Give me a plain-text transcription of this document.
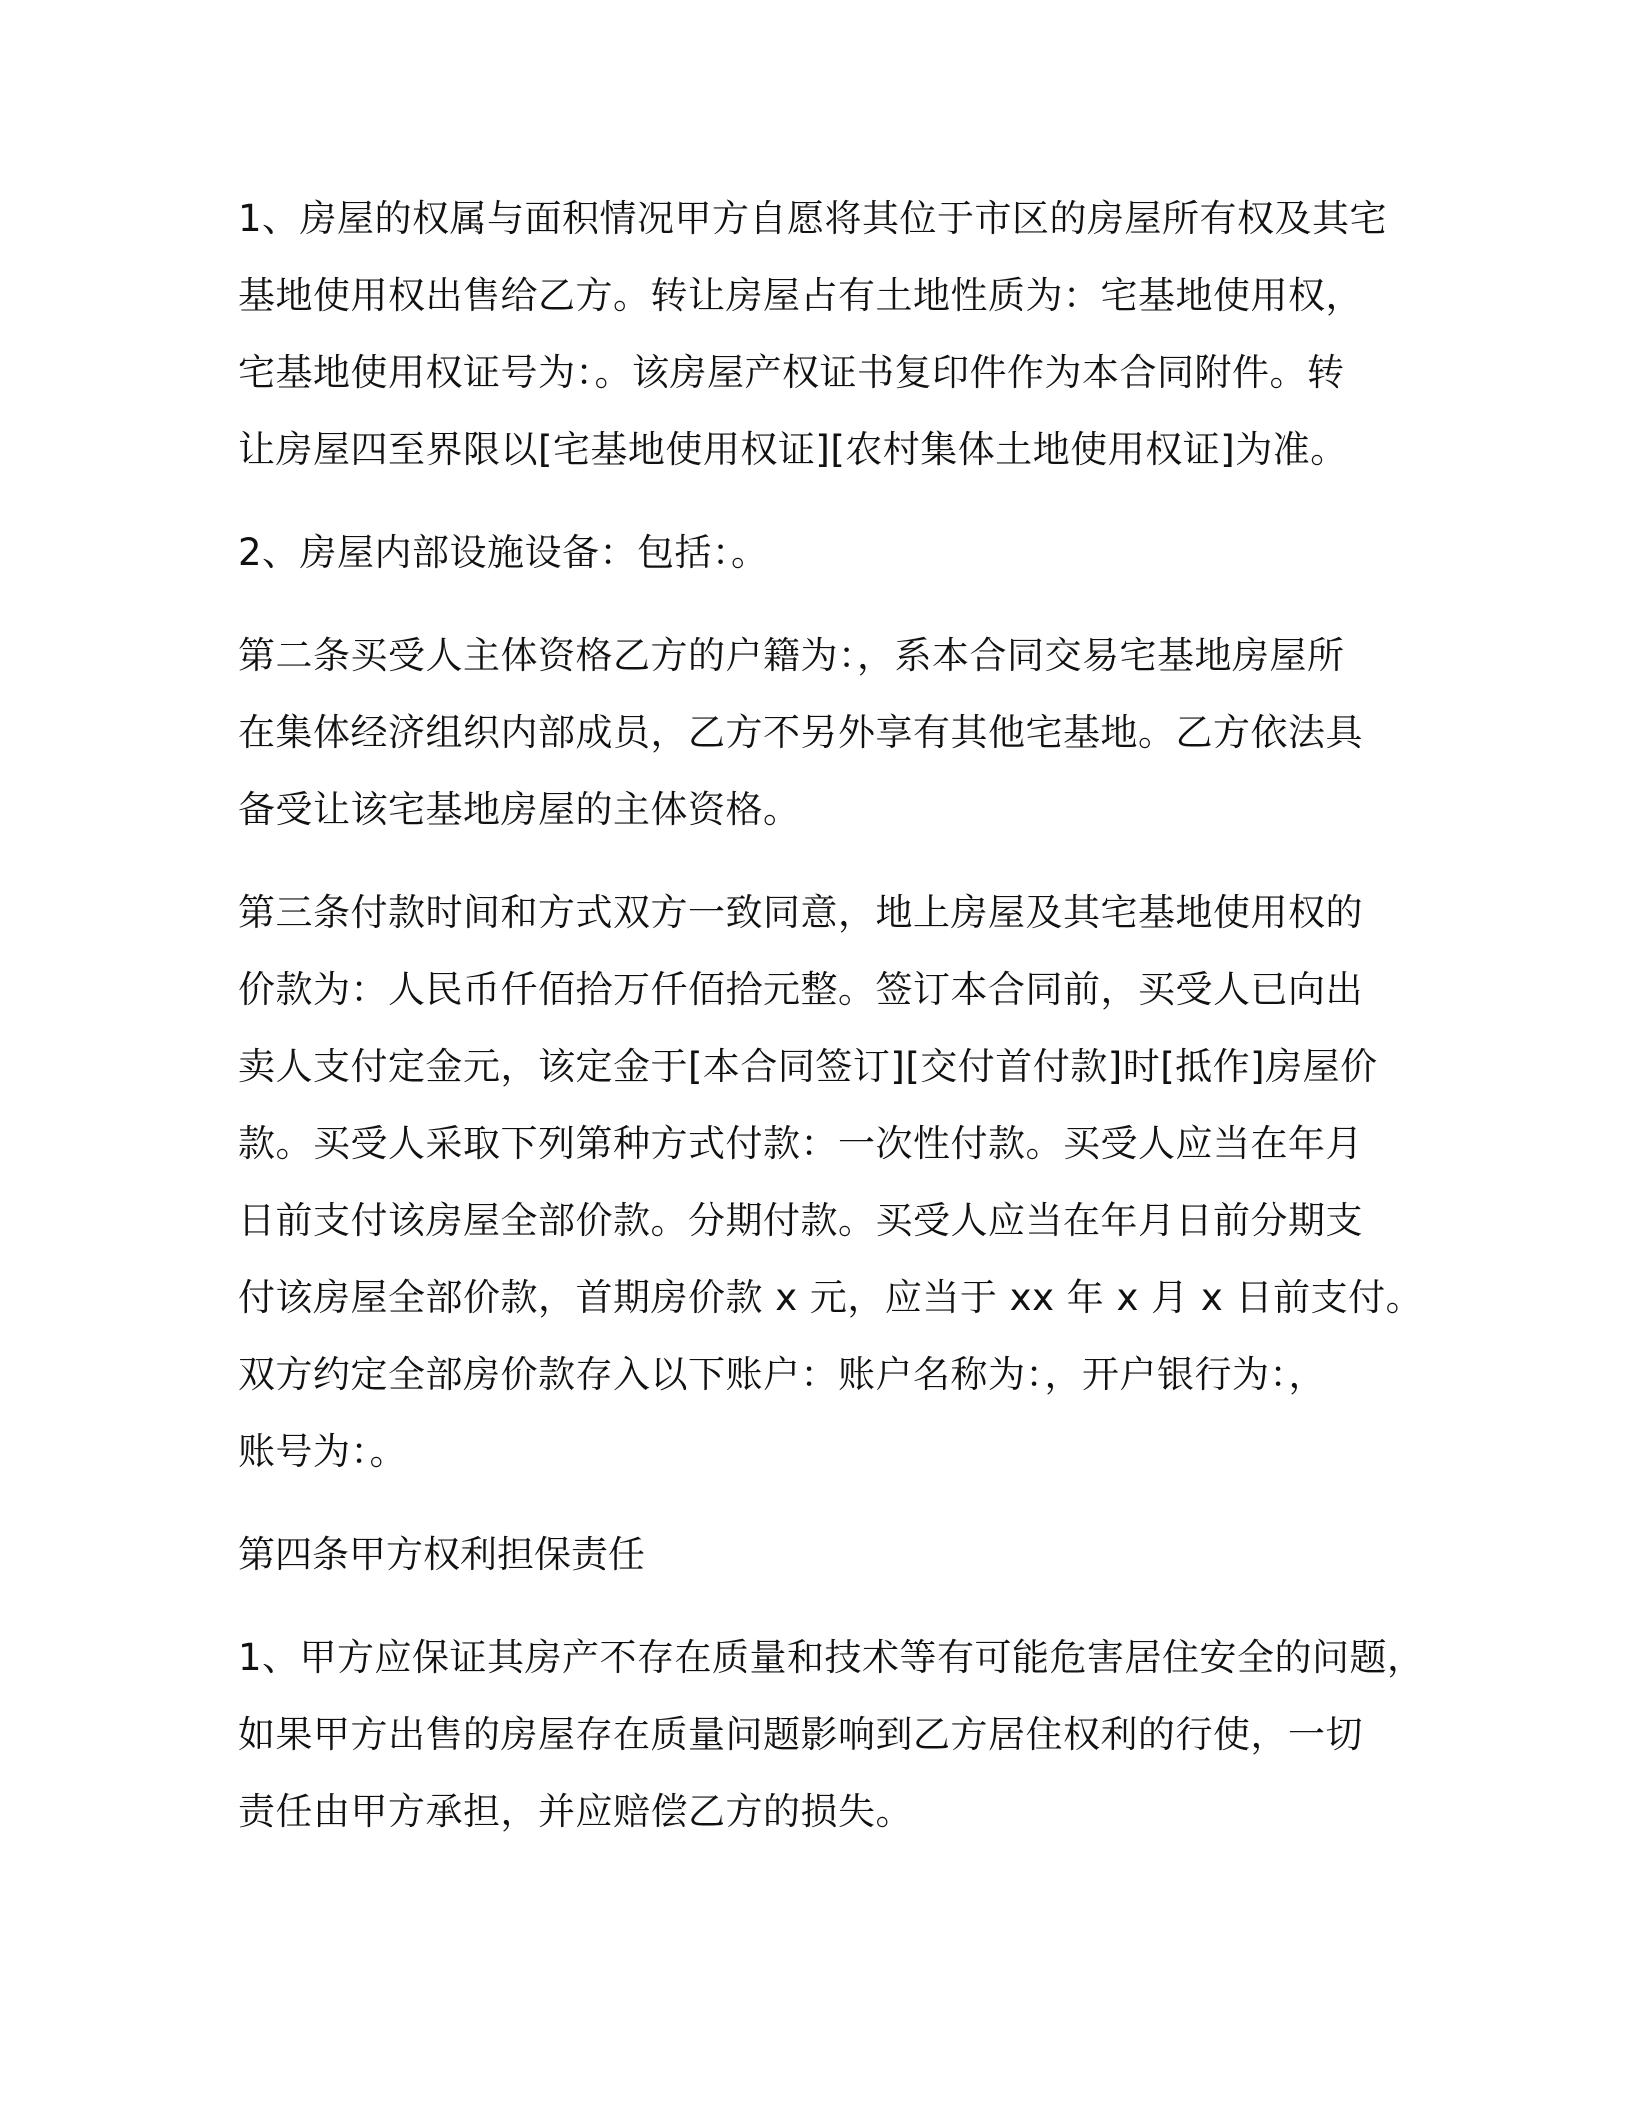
1、房屋的权属与面积情况甲方自愿将其位于市区的房屋所有权及其宅
基地使用权出售给乙方。转让房屋占有土地性质为：宅基地使用权，
宅基地使用权证号为：。该房屋产权证书复印件作为本合同附件。转
让房屋四至界限以[宅基地使用权证][农村集体土地使用权证]为准。

2、房屋内部设施设备：包括：。

第二条买受人主体资格乙方的户籍为：，系本合同交易宅基地房屋所
在集体经济组织内部成员，乙方不另外享有其他宅基地。乙方依法具
备受让该宅基地房屋的主体资格。

第三条付款时间和方式双方一致同意，地上房屋及其宅基地使用权的
价款为：人民币仟佰拾万仟佰拾元整。签订本合同前，买受人已向出
卖人支付定金元，该定金于[本合同签订][交付首付款]时[抵作]房屋价
款。买受人采取下列第种方式付款：一次性付款。买受人应当在年月
日前支付该房屋全部价款。分期付款。买受人应当在年月日前分期支
付该房屋全部价款，首期房价款 x 元，应当于 xx 年 x 月 x 日前支付。
双方约定全部房价款存入以下账户：账户名称为：，开户银行为：，
账号为：。

第四条甲方权利担保责任

1、甲方应保证其房产不存在质量和技术等有可能危害居住安全的问题，
如果甲方出售的房屋存在质量问题影响到乙方居住权利的行使，一切
责任由甲方承担，并应赔偿乙方的损失。
